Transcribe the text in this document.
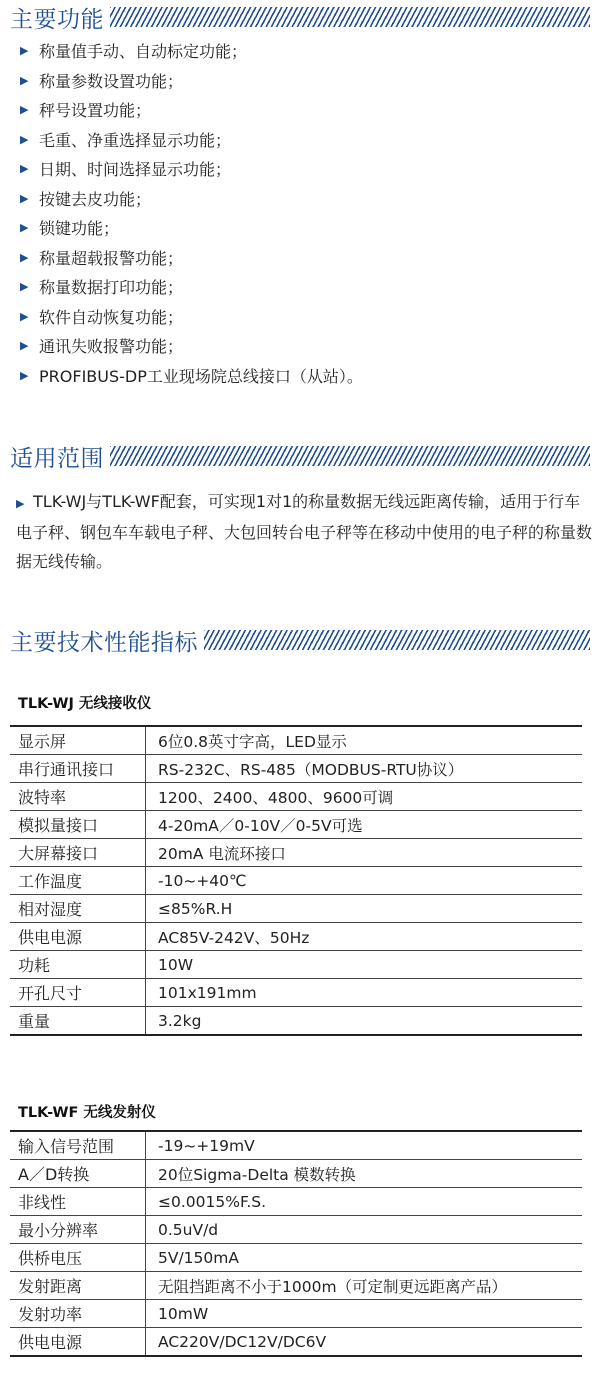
主要功能
▶ 称量值手动、自动标定功能；
▶ 称量参数设置功能；
▶ 秤号设置功能；
▶ 毛重、净重选择显示功能；
▶ 日期、时间选择显示功能；
▶ 按键去皮功能；
▶ 锁键功能；
▶ 称量超载报警功能；
▶ 称量数据打印功能；
▶ 软件自动恢复功能；
▶ 通讯失败报警功能；
▶ PROFIBUS-DP工业现场院总线接口（从站）。
适用范围
▶ TLK-WJ与TLK-WF配套，可实现1对1的称量数据无线远距离传输，适用于行车电子秤、钢包车车载电子秤、大包回转台电子秤等在移动中使用的电子秤的称量数据无线传输。
主要技术性能指标
TLK-WJ 无线接收仪
显示屏	6位0.8英寸字高，LED显示
串行通讯接口	RS-232C、RS-485（MODBUS-RTU协议）
波特率	1200、2400、4800、9600可调
模拟量接口	4-20mA／0-10V／0-5V可选
大屏幕接口	20mA 电流环接口
工作温度	-10~+40℃
相对湿度	≤85%R.H
供电电源	AC85V-242V、50Hz
功耗	10W
开孔尺寸	101x191mm
重量	3.2kg
TLK-WF 无线发射仪
输入信号范围	-19~+19mV
A／D转换	20位Sigma-Delta 模数转换
非线性	≤0.0015%F.S.
最小分辨率	0.5uV/d
供桥电压	5V/150mA
发射距离	无阻挡距离不小于1000m（可定制更远距离产品）
发射功率	10mW
供电电源	AC220V/DC12V/DC6V
